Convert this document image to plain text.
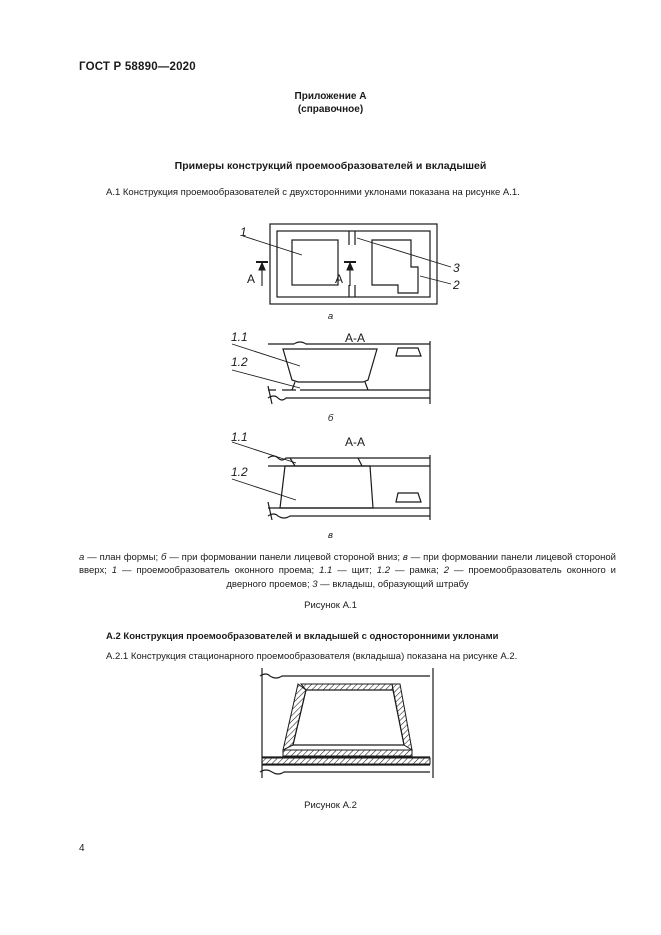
ГОСТ Р 58890—2020
Приложение А
(справочное)
Примеры конструкций проемообразователей и вкладышей
А.1 Конструкция проемообразователей с двухсторонними уклонами показана на рисунке А.1.
1
3
2
А	А
а
А-А
1.1
1.2
б
А-А
1.1
1.2
в
а — план формы; б — при формовании панели лицевой стороной вниз; в — при формовании панели лицевой стороной вверх; 1 — проемообразователь оконного проема; 1.1 — щит; 1.2 — рамка; 2 — проемообразователь оконного и дверного проемов; 3 — вкладыш, образующий штрабу
Рисунок А.1
А.2 Конструкция проемообразователей и вкладышей с односторонними уклонами
А.2.1 Конструкция стационарного проемообразователя (вкладыша) показана на рисунке А.2.
Рисунок А.2
4
